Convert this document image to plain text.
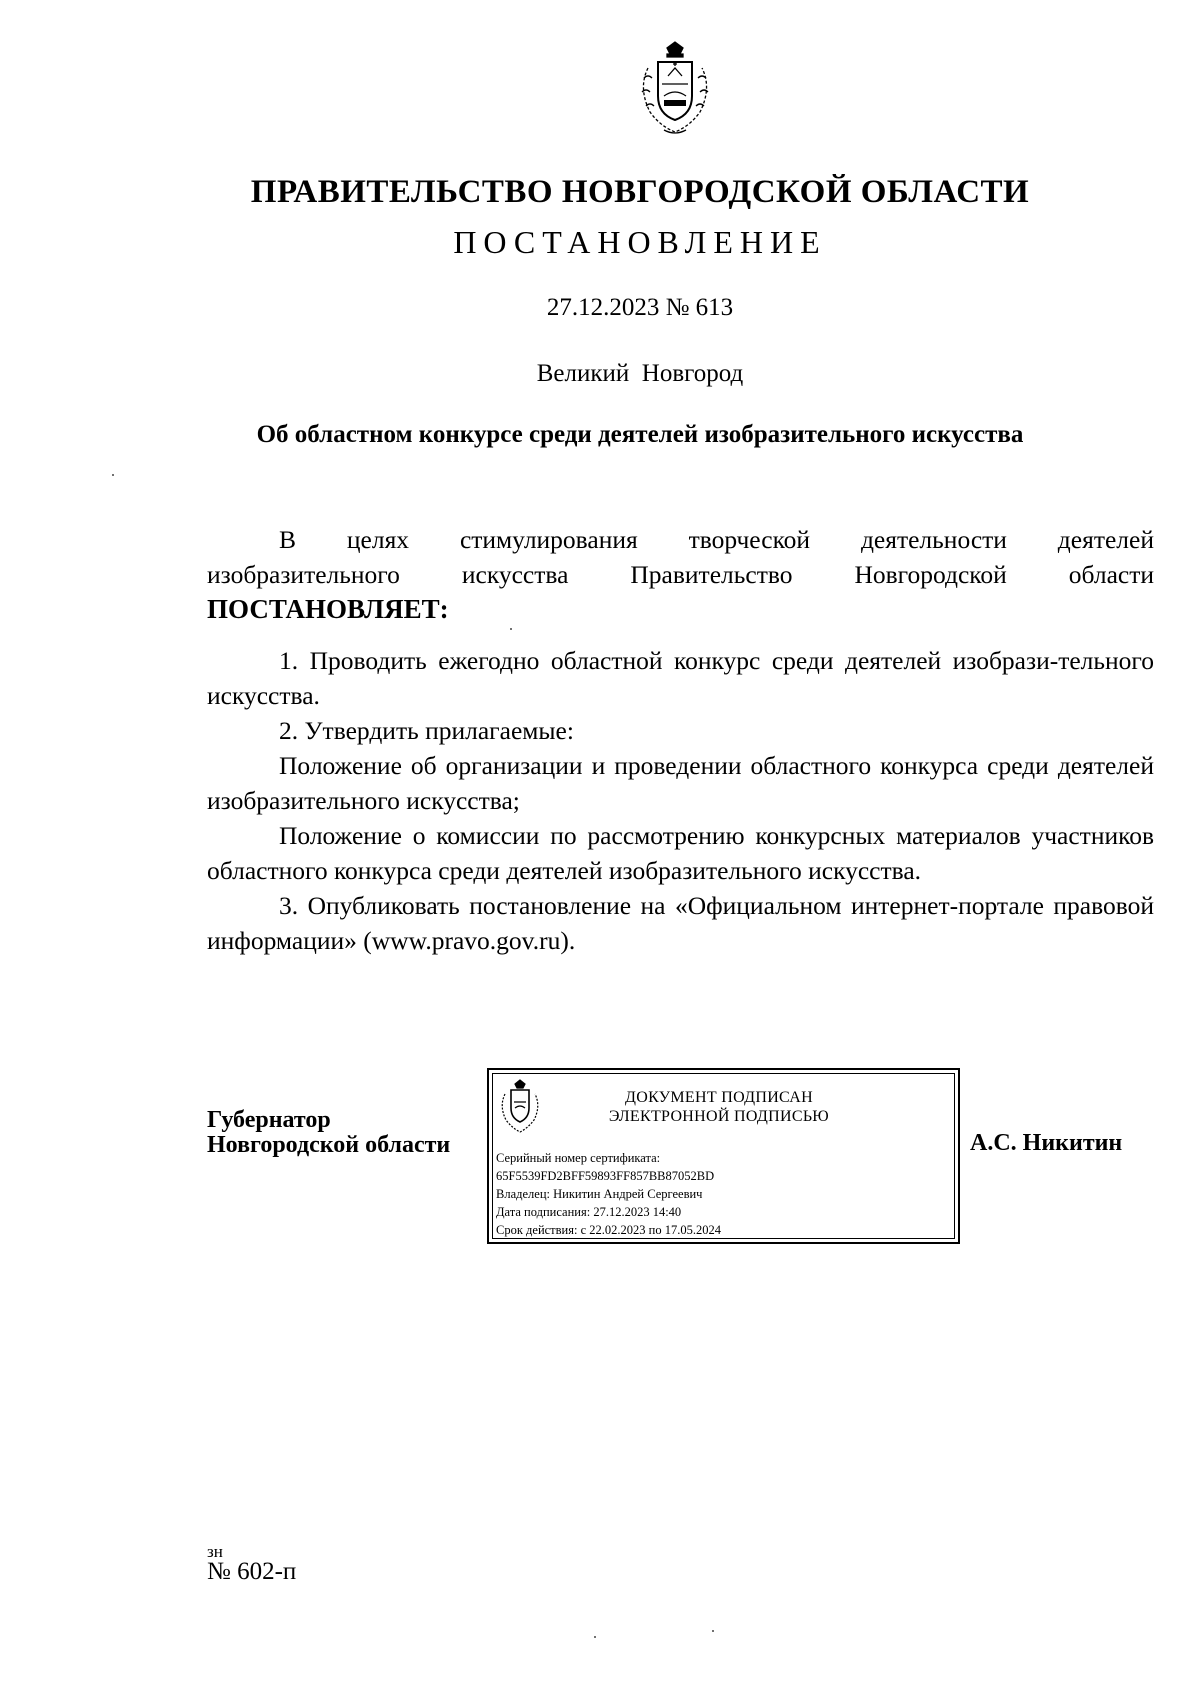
ПРАВИТЕЛЬСТВО НОВГОРОДСКОЙ ОБЛАСТИ
ПОСТАНОВЛЕНИЕ
27.12.2023 № 613
Великий  Новгород
Об областном конкурсе среди деятелей изобразительного искусства
В целях стимулирования творческой деятельности деятелей
изобразительного искусства Правительство Новгородской области
ПОСТАНОВЛЯЕТ:
1. Проводить ежегодно областной конкурс среди деятелей изобрази-тельного искусства.
2. Утвердить прилагаемые:
Положение об организации и проведении областного конкурса среди деятелей изобразительного искусства;
Положение о комиссии по рассмотрению конкурсных материалов участников областного конкурса среди деятелей изобразительного искусства.
3. Опубликовать постановление на «Официальном интернет-портале правовой информации» (www.pravo.gov.ru).
Губернатор
Новгородской области
ДОКУМЕНТ ПОДПИСАН
ЭЛЕКТРОННОЙ ПОДПИСЬЮ
Серийный номер сертификата:
65F5539FD2BFF59893FF857BB87052BD
Владелец: Никитин Андрей Сергеевич
Дата подписания: 27.12.2023 14:40
Срок действия: с 22.02.2023 по 17.05.2024
А.С. Никитин
зн
№ 602-п
